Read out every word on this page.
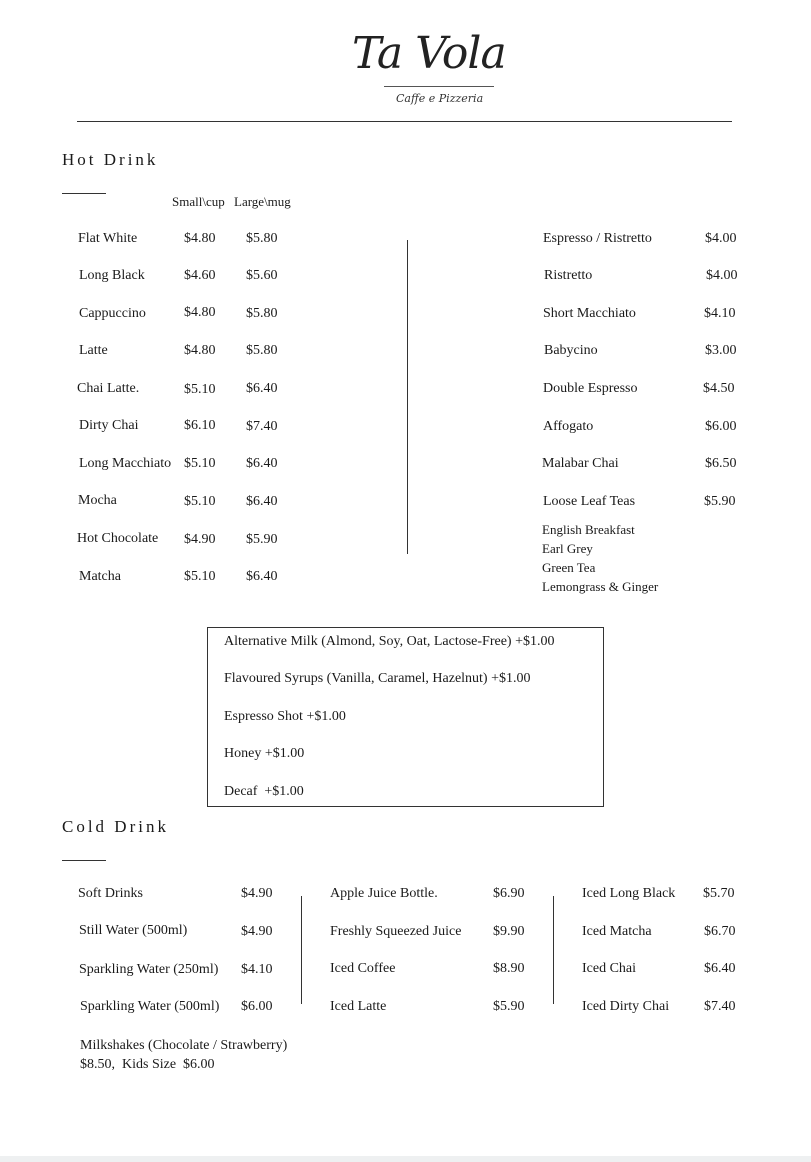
Ta Vola
Caffe e Pizzeria
Hot Drink
Small\cup Large\mug
Flat White	$4.80 $5.80
Long Black	$4.60 $5.60
Cappuccino	$4.80 $5.80
Latte	$4.80 $5.80
Chai Latte.	$5.10 $6.40
Dirty Chai	$6.10 $7.40
Long Macchiato $5.10 $6.40
Mocha	$5.10 $6.40
Hot Chocolate $4.90 $5.90
Matcha	$5.10 $6.40
Espresso / Ristretto	$4.00
Ristretto	$4.00
Short Macchiato	$4.10
Babycino	$3.00
Double Espresso	$4.50
Affogato	$6.00
Malabar Chai	$6.50
Loose Leaf Teas	$5.90
English Breakfast
Earl Grey
Green Tea
Lemongrass & Ginger
Alternative Milk (Almond, Soy, Oat, Lactose-Free) +$1.00
Flavoured Syrups (Vanilla, Caramel, Hazelnut) +$1.00
Espresso Shot +$1.00
Honey +$1.00
Decaf  +$1.00
Cold Drink
Soft Drinks	$4.90
Still Water (500ml)	$4.90
Sparkling Water (250ml) $4.10
Sparkling Water (500ml) $6.00
Apple Juice Bottle.	$6.90
Freshly Squeezed Juice $9.90
Iced Coffee	$8.90
Iced Latte	$5.90
Iced Long Black $5.70
Iced Matcha	$6.70
Iced Chai	$6.40
Iced Dirty Chai $7.40
Milkshakes (Chocolate / Strawberry)
$8.50,  Kids Size  $6.00
